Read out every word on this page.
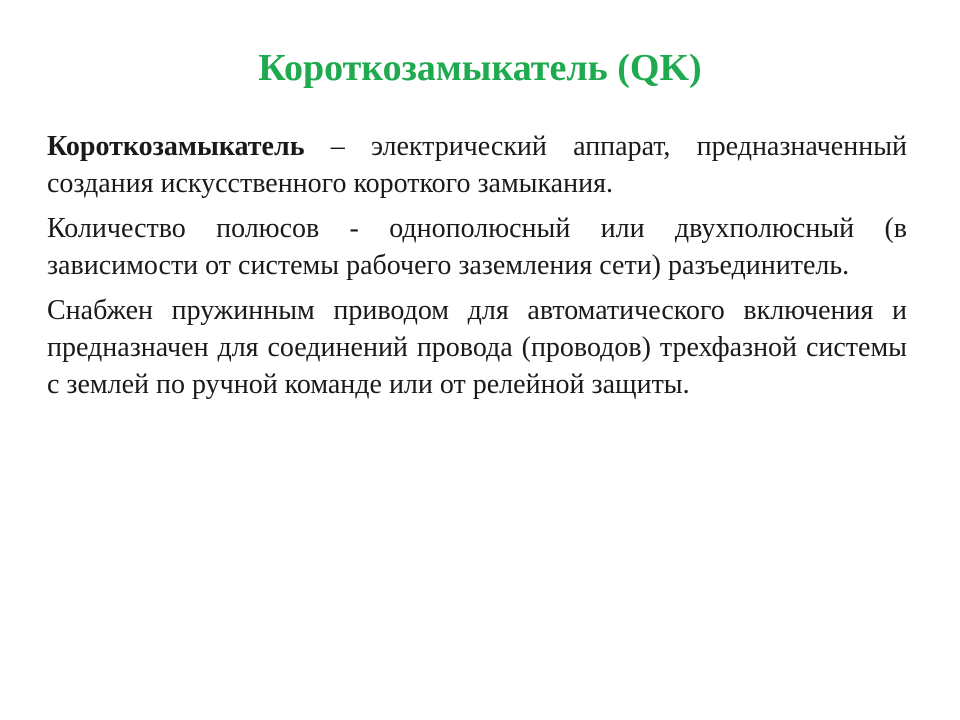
Короткозамыкатель (QK)

Короткозамыкатель – электрический аппарат, предназначенный создания искусственного короткого замыкания.

Количество полюсов - однополюсный или двухполюсный (в зависимости от системы рабочего заземления сети) разъединитель.

Снабжен пружинным приводом для автоматического включения и предназначен для соединений провода (проводов) трехфазной системы с землей по ручной команде или от релейной защиты.
